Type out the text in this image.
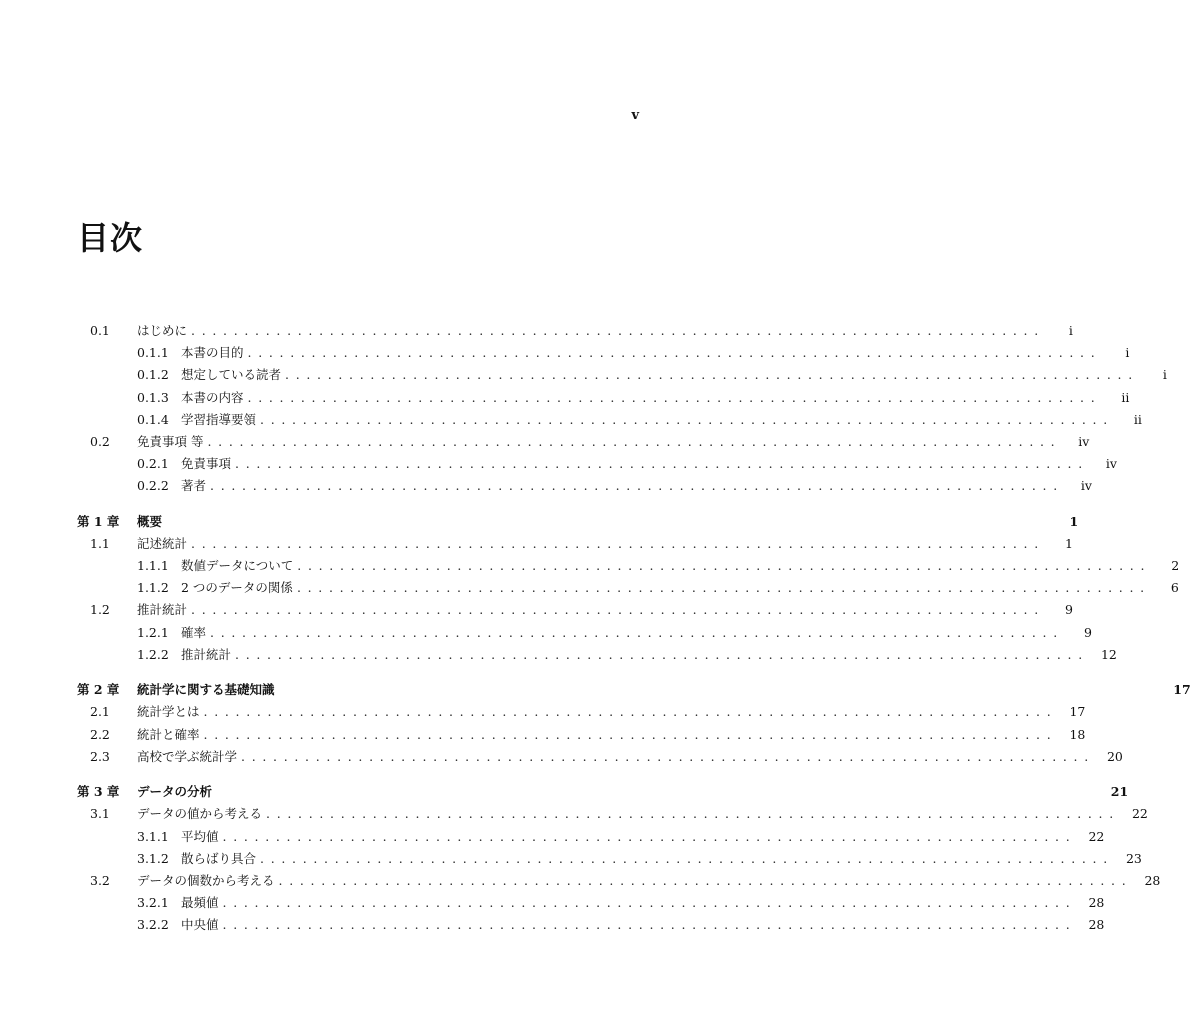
v
目次
0.1	はじめに ................................................................................	i
0.1.1 本書の目的 ................................................................................	i
0.1.2 想定している読者 ................................................................................	i
0.1.3 本書の内容 ................................................................................	ii
0.1.4 学習指導要領 ................................................................................	ii
0.2	免責事項 等 ................................................................................	iv
0.2.1 免責事項 ................................................................................	iv
0.2.2 著者 ................................................................................	iv
第 1 章	概要	1
1.1	記述統計 ................................................................................	1
1.1.1 数値データについて ................................................................................	2
1.1.2 2 つのデータの関係 ................................................................................	6
1.2	推計統計 ................................................................................	9
1.2.1 確率 ................................................................................	9
1.2.2 推計統計 ................................................................................ 12
第 2 章	統計学に関する基礎知識	17
2.1	統計学とは ................................................................................ 17
2.2	統計と確率 ................................................................................ 18
2.3	高校で学ぶ統計学 ................................................................................ 20
第 3 章	データの分析	21
3.1	データの値から考える ................................................................................ 22
3.1.1 平均値 ................................................................................ 22
3.1.2 散らばり具合 ................................................................................ 23
3.2	データの個数から考える ................................................................................ 28
3.2.1 最頻値 ................................................................................ 28
3.2.2 中央値 ................................................................................ 28
